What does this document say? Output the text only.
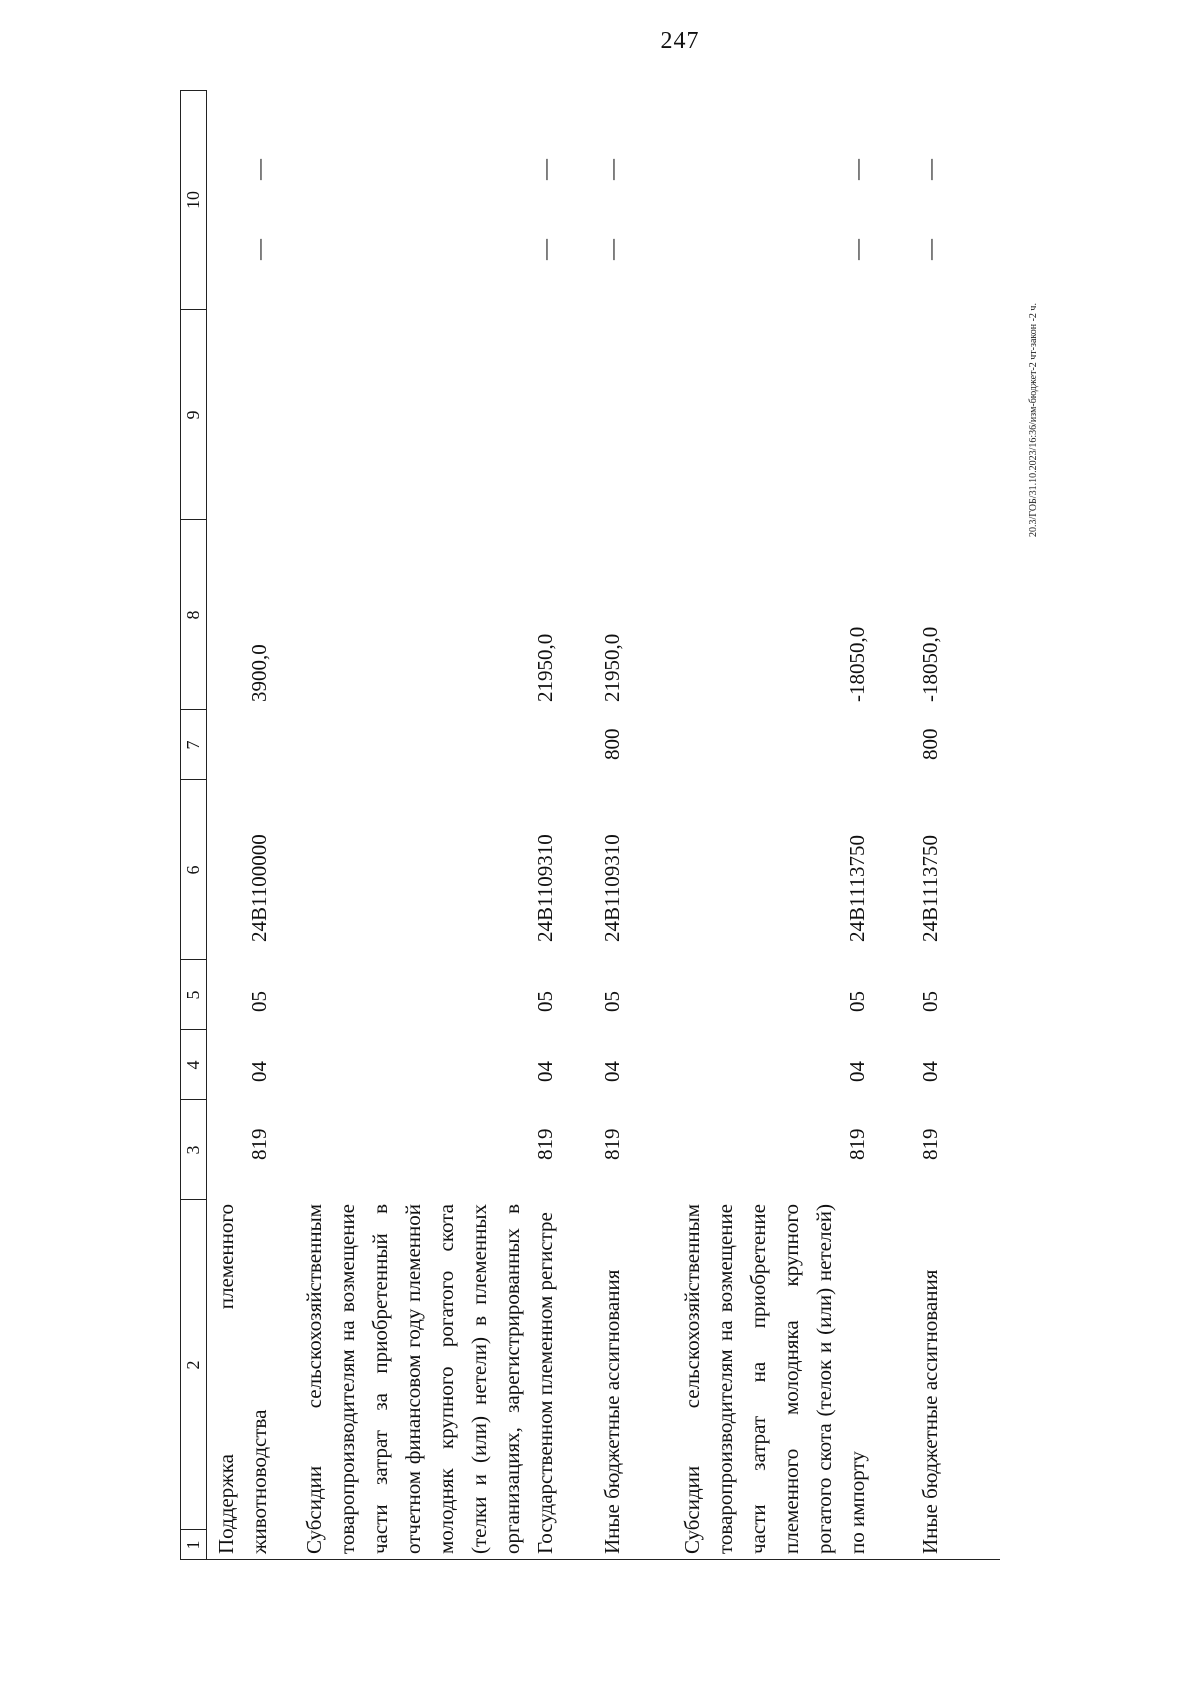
247
20.3/ГОБ/31.10.2023/16:36/изм-бюджет-2 чт-закон -2 ч.
1
2
3
4
5
6
7
8
9
10
Поддержка племенного животноводства
819
04
05
24В1100000
3900,0
—
—
Субсидии сельскохозяйственным товаропроизводителям на возмещение части затрат за приобретенный в отчетном финансовом году племенной молодняк крупного рогатого скота (телки и (или) нетели) в племенных организациях, зарегистрированных в Государственном племенном регистре
819
04
05
24В1109310
21950,0
—
—
Иные бюджетные ассигнования
819
04
05
24В1109310
800
21950,0
—
—
Субсидии сельскохозяйственным товаропроизводителям на возмещение части затрат на приобретение племенного молодняка крупного рогатого скота (телок и (или) нетелей) по импорту
819
04
05
24В1113750
-18050,0
—
—
Иные бюджетные ассигнования
819
04
05
24В1113750
800
-18050,0
—
—
